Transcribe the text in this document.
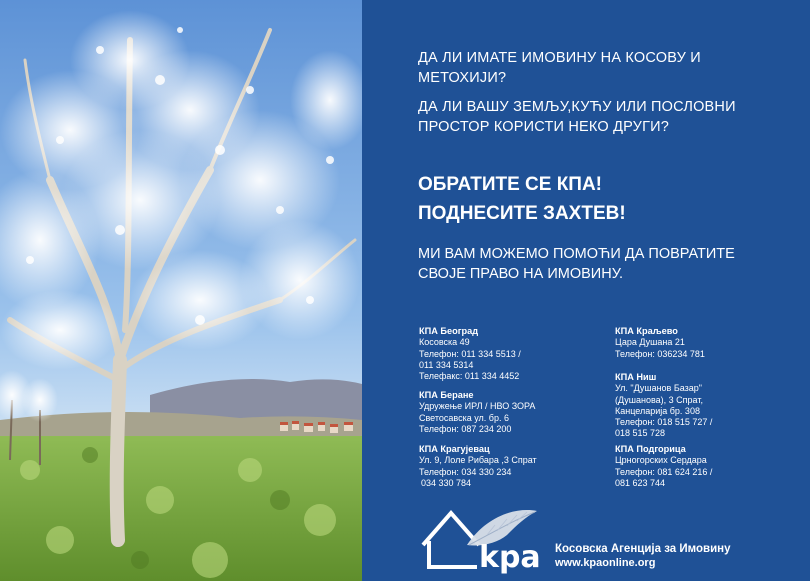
ДА ЛИ ИМАТЕ ИМОВИНУ НА КОСОВУ И
МЕТОХИЈИ?
ДА ЛИ ВАШУ ЗЕМЉУ,КУЋУ ИЛИ ПОСЛОВНИ
ПРОСТОР КОРИСТИ НЕКО ДРУГИ?
ОБРАТИТЕ СЕ КПА!
ПОДНЕСИТЕ ЗАХТЕВ!
МИ ВАМ МОЖЕМО ПОМОЋИ ДА ПОВРАТИТЕ
СВОЈЕ ПРАВО НА ИМОВИНУ.
КПА Београд
Косовска 49
Телефон: 011 334 5513 /
011 334 5314
Телефакс: 011 334 4452
КПА Беране
Удружење ИРЛ / НВО ЗОРА
Светосавска ул. бр. 6
Телефон: 087 234 200
КПА Крагујевац
Ул. 9, Лоле Рибара ,3 Спрат
Телефон: 034 330 234
034 330 784
КПА Краљево
Цара Душана 21
Телефон: 036234 781
КПА Ниш
Ул. "Душанов Базар"
(Душанова), 3 Спрат,
Канцеларија бр. 308
Телефон: 018 515 727 /
018 515 728
КПА Подгорица
Црногорских Сердара
Телефон: 081 624 216 /
081 623 744
kpa Косовска Агенција за Имовину
www.kpaonline.org
